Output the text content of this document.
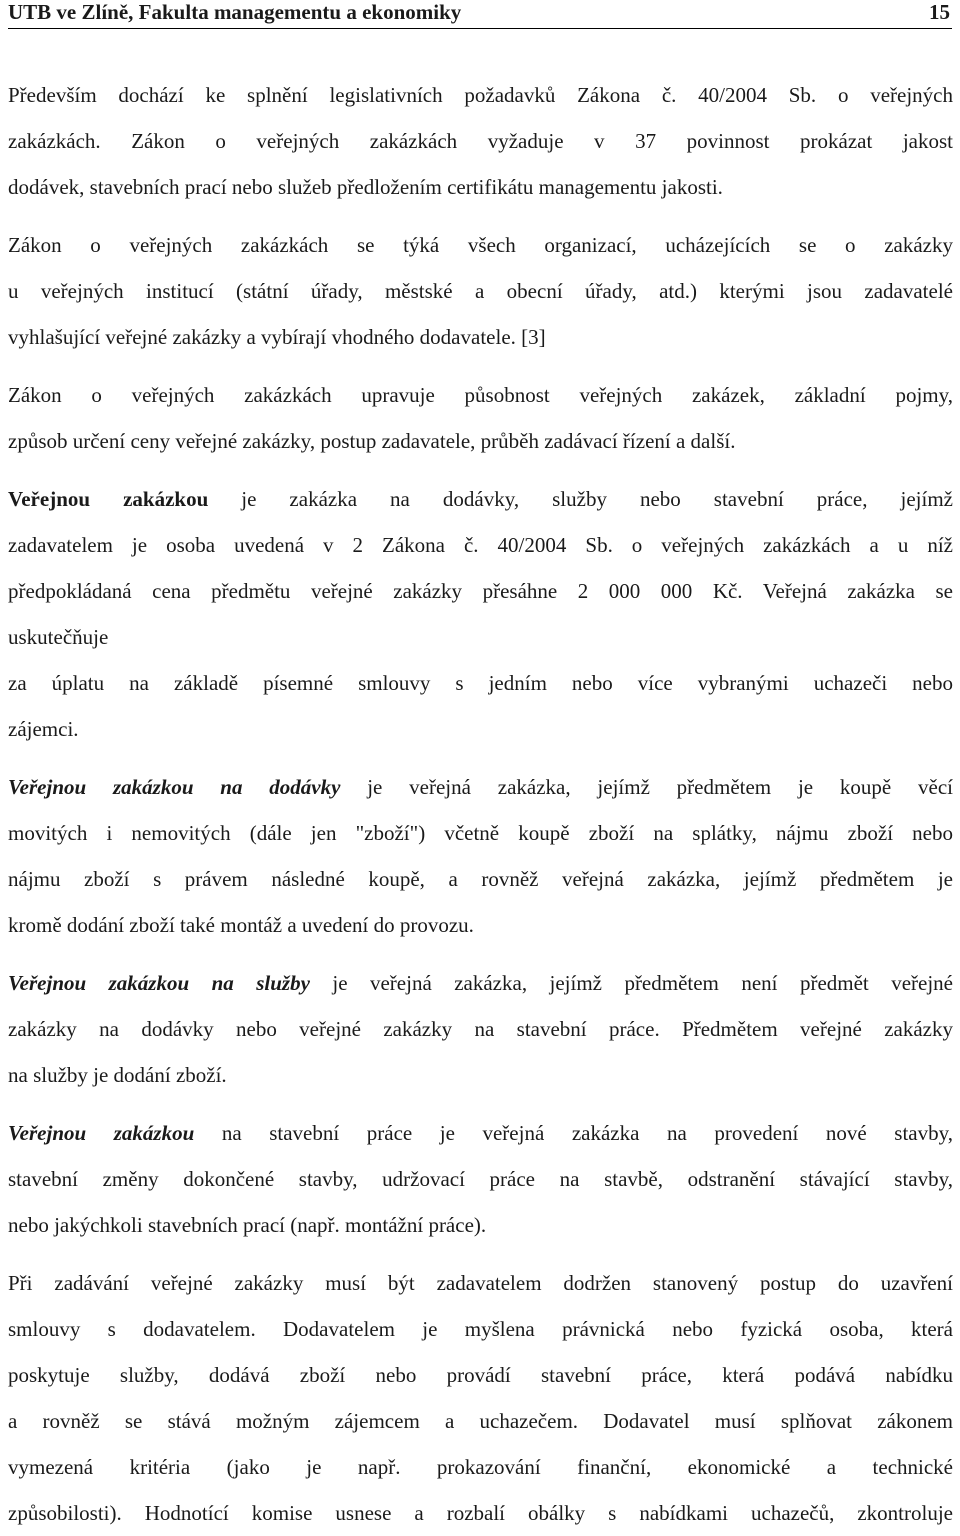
UTB ve Zlíně, Fakulta managementu a ekonomiky	15

Především dochází ke splnění legislativních požadavků Zákona č. 40/2004 Sb. o veřejných
zakázkách. Zákon o veřejných zakázkách vyžaduje v 37 povinnost prokázat jakost
dodávek, stavebních prací nebo služeb předložením certifikátu managementu jakosti.

Zákon o veřejných zakázkách se týká všech organizací, ucházejících se o zakázky
u veřejných institucí (státní úřady, městské a obecní úřady, atd.) kterými jsou zadavatelé
vyhlašující veřejné zakázky a vybírají vhodného dodavatele. [3]

Zákon o veřejných zakázkách upravuje působnost veřejných zakázek, základní pojmy,
způsob určení ceny veřejné zakázky, postup zadavatele, průběh zadávací řízení a další.

Veřejnou zakázkou je zakázka na dodávky, služby nebo stavební práce, jejímž
zadavatelem je osoba uvedená v 2 Zákona č. 40/2004 Sb. o veřejných zakázkách a u níž
předpokládaná cena předmětu veřejné zakázky přesáhne 2 000 000 Kč. Veřejná zakázka se
uskutečňuje
za úplatu na základě písemné smlouvy s jedním nebo více vybranými uchazeči nebo
zájemci.

Veřejnou zakázkou na dodávky je veřejná zakázka, jejímž předmětem je koupě věcí
movitých i nemovitých (dále jen "zboží") včetně koupě zboží na splátky, nájmu zboží nebo
nájmu zboží s právem následné koupě, a rovněž veřejná zakázka, jejímž předmětem je
kromě dodání zboží také montáž a uvedení do provozu.

Veřejnou zakázkou na služby je veřejná zakázka, jejímž předmětem není předmět veřejné
zakázky na dodávky nebo veřejné zakázky na stavební práce. Předmětem veřejné zakázky
na služby je dodání zboží.

Veřejnou zakázkou na stavební práce je veřejná zakázka na provedení nové stavby,
stavební změny dokončené stavby, udržovací práce na stavbě, odstranění stávající stavby,
nebo jakýchkoli stavebních prací (např. montážní práce).

Při zadávání veřejné zakázky musí být zadavatelem dodržen stanovený postup do uzavření
smlouvy s dodavatelem. Dodavatelem je myšlena právnická nebo fyzická osoba, která
poskytuje služby, dodává zboží nebo provádí stavební práce, která podává nabídku
a rovněž se stává možným zájemcem a uchazečem. Dodavatel musí splňovat zákonem
vymezená kritéria (jako je např. prokazování finanční, ekonomické a technické
způsobilosti). Hodnotící komise usnese a rozbalí obálky s nabídkami uchazečů, zkontroluje
